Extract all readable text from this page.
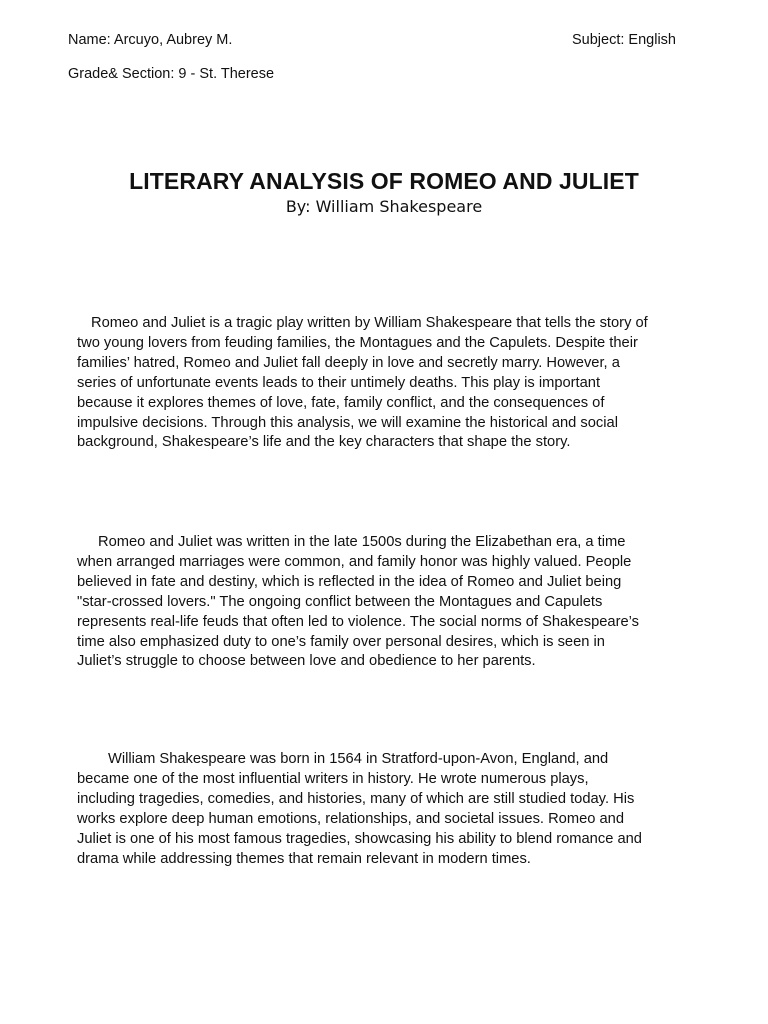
Name: Arcuyo, Aubrey M.	Subject: English
Grade& Section: 9 - St. Therese
LITERARY ANALYSIS OF ROMEO AND JULIET
By: William Shakespeare
Romeo and Juliet is a tragic play written by William Shakespeare that tells the story of
two young lovers from feuding families, the Montagues and the Capulets. Despite their
families’ hatred, Romeo and Juliet fall deeply in love and secretly marry. However, a
series of unfortunate events leads to their untimely deaths. This play is important
because it explores themes of love, fate, family conflict, and the consequences of
impulsive decisions. Through this analysis, we will examine the historical and social
background, Shakespeare’s life and the key characters that shape the story.
Romeo and Juliet was written in the late 1500s during the Elizabethan era, a time
when arranged marriages were common, and family honor was highly valued. People
believed in fate and destiny, which is reflected in the idea of Romeo and Juliet being
"star-crossed lovers." The ongoing conflict between the Montagues and Capulets
represents real-life feuds that often led to violence. The social norms of Shakespeare’s
time also emphasized duty to one’s family over personal desires, which is seen in
Juliet’s struggle to choose between love and obedience to her parents.
William Shakespeare was born in 1564 in Stratford-upon-Avon, England, and
became one of the most influential writers in history. He wrote numerous plays,
including tragedies, comedies, and histories, many of which are still studied today. His
works explore deep human emotions, relationships, and societal issues. Romeo and
Juliet is one of his most famous tragedies, showcasing his ability to blend romance and
drama while addressing themes that remain relevant in modern times.
